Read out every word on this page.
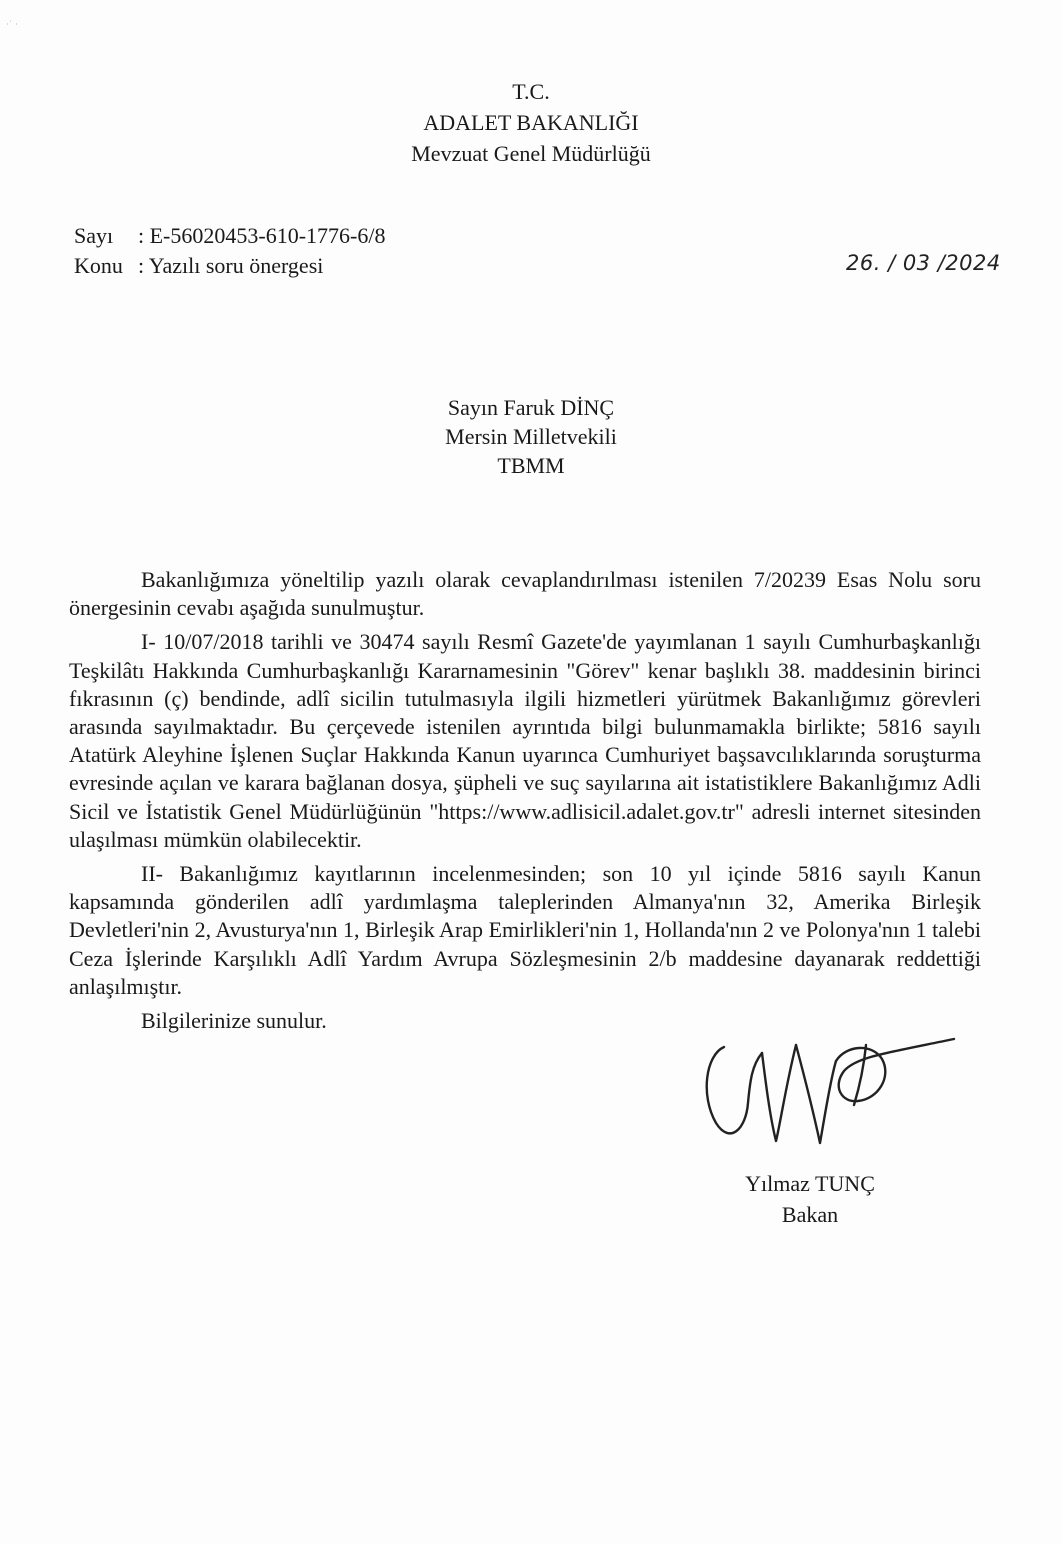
·˙ ·
T.C.
ADALET BAKANLIĞI
Mevzuat Genel Müdürlüğü
Sayı : E-56020453-610-1776-6/8
Konu : Yazılı soru önergesi	26. / 03 /2024
Sayın Faruk DİNÇ
Mersin Milletvekili
TBMM

Bakanlığımıza yöneltilip yazılı olarak cevaplandırılması istenilen 7/20239 Esas Nolu soru önergesinin cevabı aşağıda sunulmuştur.

I- 10/07/2018 tarihli ve 30474 sayılı Resmî Gazete'de yayımlanan 1 sayılı Cumhurbaşkanlığı Teşkilâtı Hakkında Cumhurbaşkanlığı Kararnamesinin "Görev" kenar başlıklı 38. maddesinin birinci fıkrasının (ç) bendinde, adlî sicilin tutulmasıyla ilgili hizmetleri yürütmek Bakanlığımız görevleri arasında sayılmaktadır. Bu çerçevede istenilen ayrıntıda bilgi bulunmamakla birlikte; 5816 sayılı Atatürk Aleyhine İşlenen Suçlar Hakkında Kanun uyarınca Cumhuriyet başsavcılıklarında soruşturma evresinde açılan ve karara bağlanan dosya, şüpheli ve suç sayılarına ait istatistiklere Bakanlığımız Adli Sicil ve İstatistik Genel Müdürlüğünün "https://www.adlisicil.adalet.gov.tr" adresli internet sitesinden ulaşılması mümkün olabilecektir.

II- Bakanlığımız kayıtlarının incelenmesinden; son 10 yıl içinde 5816 sayılı Kanun kapsamında gönderilen adlî yardımlaşma taleplerinden Almanya'nın 32, Amerika Birleşik Devletleri'nin 2, Avusturya'nın 1, Birleşik Arap Emirlikleri'nin 1, Hollanda'nın 2 ve Polonya'nın 1 talebi Ceza İşlerinde Karşılıklı Adlî Yardım Avrupa Sözleşmesinin 2/b maddesine dayanarak reddettiği anlaşılmıştır.

Bilgilerinize sunulur.

Yılmaz TUNÇ
Bakan
